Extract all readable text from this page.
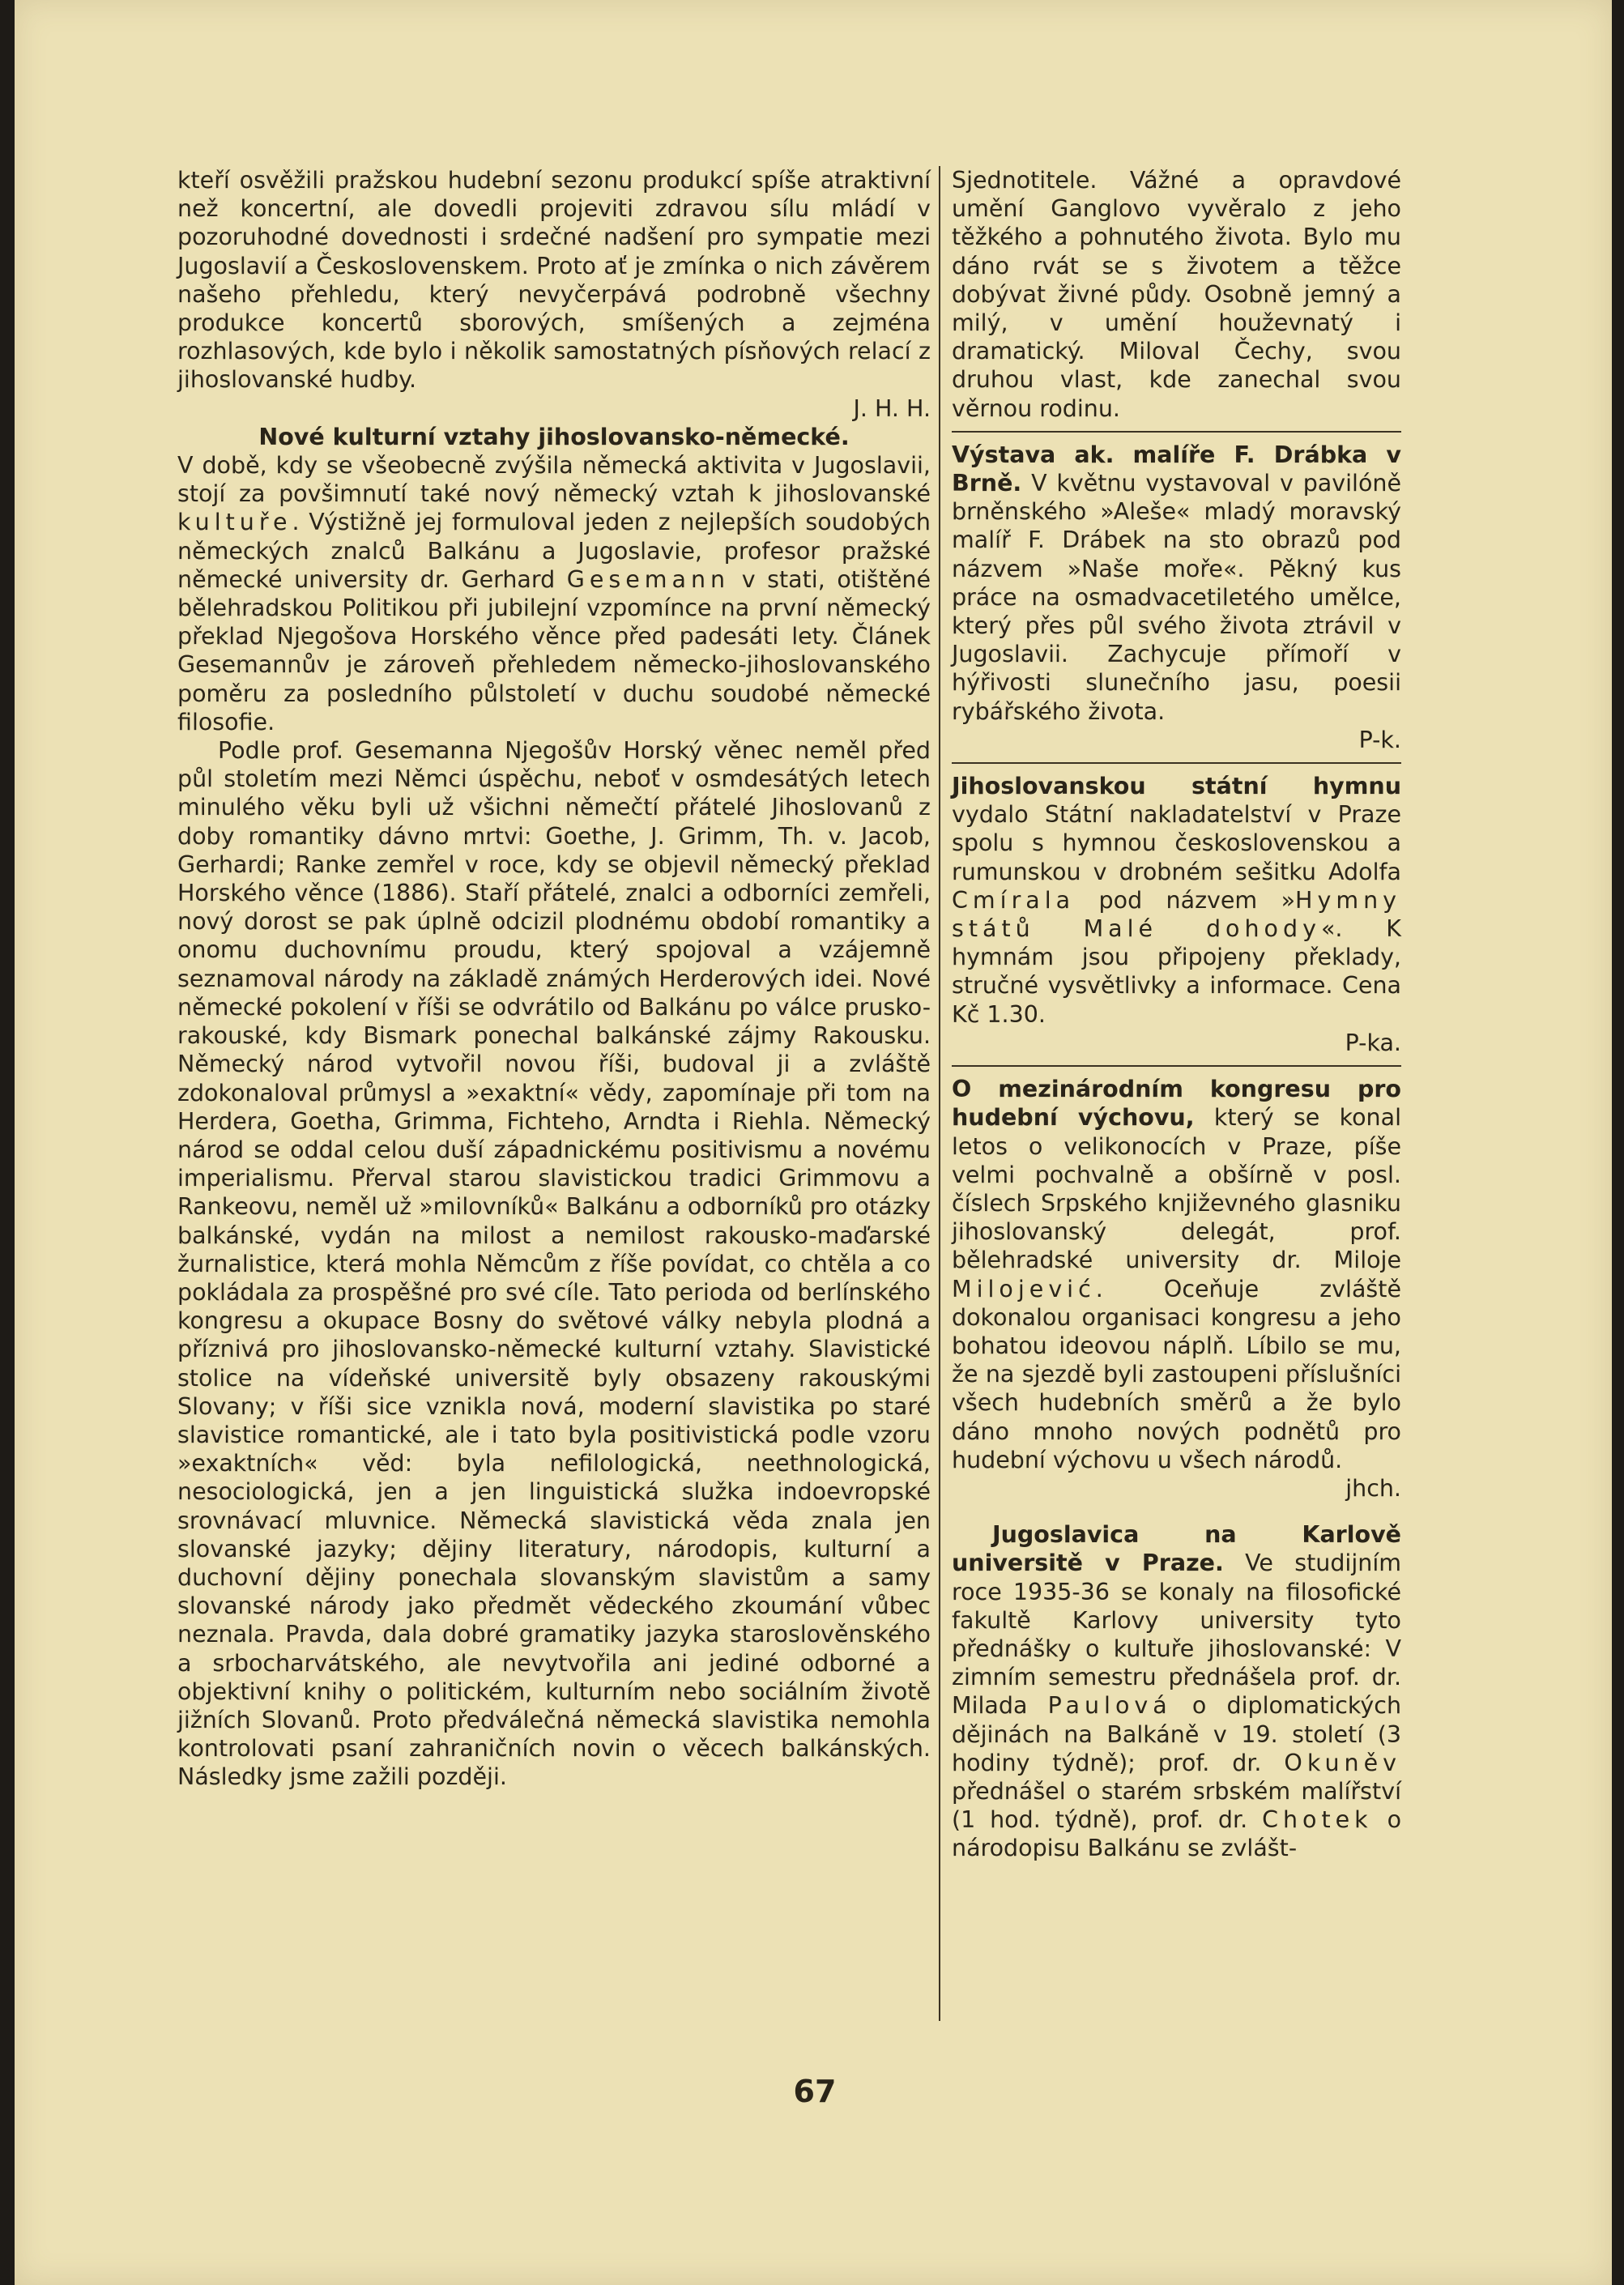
kteří osvěžili pražskou hudební sezonu produkcí spíše atraktivní než koncertní, ale dovedli projeviti zdravou sílu mládí v pozoruhodné dovednosti i srdečné nadšení pro sympatie mezi Jugoslavií a Československem. Proto ať je zmínka o nich závěrem našeho přehledu, který nevyčerpává podrobně všechny produkce koncertů sborových, smíšených a zejména rozhlasových, kde bylo i několik samostatných písňových relací z jihoslovanské hudby.
J. H. H.

Nové kulturní vztahy jihoslovansko-německé.

V době, kdy se všeobecně zvýšila německá aktivita v Jugoslavii, stojí za povšimnutí také nový německý vztah k jihoslovanské kultuře. Výstižně jej formuloval jeden z nejlepších soudobých německých znalců Balkánu a Jugoslavie, profesor pražské německé university dr. Gerhard Gesemann v stati, otištěné bělehradskou Politikou při jubilejní vzpomínce na první německý překlad Njegošova Horského věnce před padesáti lety. Článek Gesemannův je zároveň přehledem německo-jihoslovanského poměru za posledního půlstoletí v duchu soudobé německé filosofie.

Podle prof. Gesemanna Njegošův Horský věnec neměl před půl stoletím mezi Němci úspěchu, neboť v osmdesátých letech minulého věku byli už všichni němečtí přátelé Jihoslovanů z doby romantiky dávno mrtvi: Goethe, J. Grimm, Th. v. Jacob, Gerhardi; Ranke zemřel v roce, kdy se objevil německý překlad Horského věnce (1886). Staří přátelé, znalci a odborníci zemřeli, nový dorost se pak úplně odcizil plodnému období romantiky a onomu duchovnímu proudu, který spojoval a vzájemně seznamoval národy na základě známých Herderových idei. Nové německé pokolení v říši se odvrátilo od Balkánu po válce prusko-rakouské, kdy Bismark ponechal balkánské zájmy Rakousku. Německý národ vytvořil novou říši, budoval ji a zvláště zdokonaloval průmysl a »exaktní« vědy, zapomínaje při tom na Herdera, Goetha, Grimma, Fichteho, Arndta i Riehla. Německý národ se oddal celou duší západnickému positivismu a novému imperialismu. Přerval starou slavistickou tradici Grimmovu a Rankeovu, neměl už »milovníků« Balkánu a odborníků pro otázky balkánské, vydán na milost a nemilost rakousko-maďarské žurnalistice, která mohla Němcům z říše povídat, co chtěla a co pokládala za prospěšné pro své cíle. Tato perioda od berlínského kongresu a okupace Bosny do světové války nebyla plodná a příznivá pro jihoslovansko-německé kulturní vztahy. Slavistické stolice na vídeňské universitě byly obsazeny rakouskými Slovany; v říši sice vznikla nová, moderní slavistika po staré slavistice romantické, ale i tato byla positivistická podle vzoru »exaktních« věd: byla nefilologická, neethnologická, nesociologická, jen a jen linguistická služka indoevropské srovnávací mluvnice. Německá slavistická věda znala jen slovanské jazyky; dějiny literatury, národopis, kulturní a duchovní dějiny ponechala slovanským slavistům a samy slovanské národy jako předmět vědeckého zkoumání vůbec neznala. Pravda, dala dobré gramatiky jazyka staroslověnského a srbocharvátského, ale nevytvořila ani jediné odborné a objektivní knihy o politickém, kulturním nebo sociálním životě jižních Slovanů. Proto předválečná německá slavistika nemohla kontrolovati psaní zahraničních novin o věcech balkánských. Následky jsme zažili později.

Sjednotitele. Vážné a opravdové umění Ganglovo vyvěralo z jeho těžkého a pohnutého života. Bylo mu dáno rvát se s životem a těžce dobývat živné půdy. Osobně jemný a milý, v umění houževnatý i dramatický. Miloval Čechy, svou druhou vlast, kde zanechal svou věrnou rodinu.

Výstava ak. malíře F. Drábka v Brně. V květnu vystavoval v pavilóně brněnského »Aleše« mladý moravský malíř F. Drábek na sto obrazů pod názvem »Naše moře«. Pěkný kus práce na osmadvacetiletého umělce, který přes půl svého života ztrávil v Jugoslavii. Zachycuje přímoří v hýřivosti slunečního jasu, poesii rybářského života.
P-k.

Jihoslovanskou státní hymnu vydalo Státní nakladatelství v Praze spolu s hymnou československou a rumunskou v drobném sešitku Adolfa Cmírala pod názvem »Hymny států Malé dohody«. K hymnám jsou připojeny překlady, stručné vysvětlivky a informace. Cena Kč 1.30.
P-ka.

O mezinárodním kongresu pro hudební výchovu, který se konal letos o velikonocích v Praze, píše velmi pochvalně a obšírně v posl. číslech Srpského književného glasniku jihoslovanský delegát, prof. bělehradské university dr. Miloje Milojević. Oceňuje zvláště dokonalou organisaci kongresu a jeho bohatou ideovou náplň. Líbilo se mu, že na sjezdě byli zastoupeni příslušníci všech hudebních směrů a že bylo dáno mnoho nových podnětů pro hudební výchovu u všech národů.
jhch.

Jugoslavica na Karlově universitě v Praze. Ve studijním roce 1935-36 se konaly na filosofické fakultě Karlovy university tyto přednášky o kultuře jihoslovanské: V zimním semestru přednášela prof. dr. Milada Paulová o diplomatických dějinách na Balkáně v 19. století (3 hodiny týdně); prof. dr. Okuněv přednášel o starém srbském malířství (1 hod. týdně), prof. dr. Chotek o národopisu Balkánu se zvlášt-

67
